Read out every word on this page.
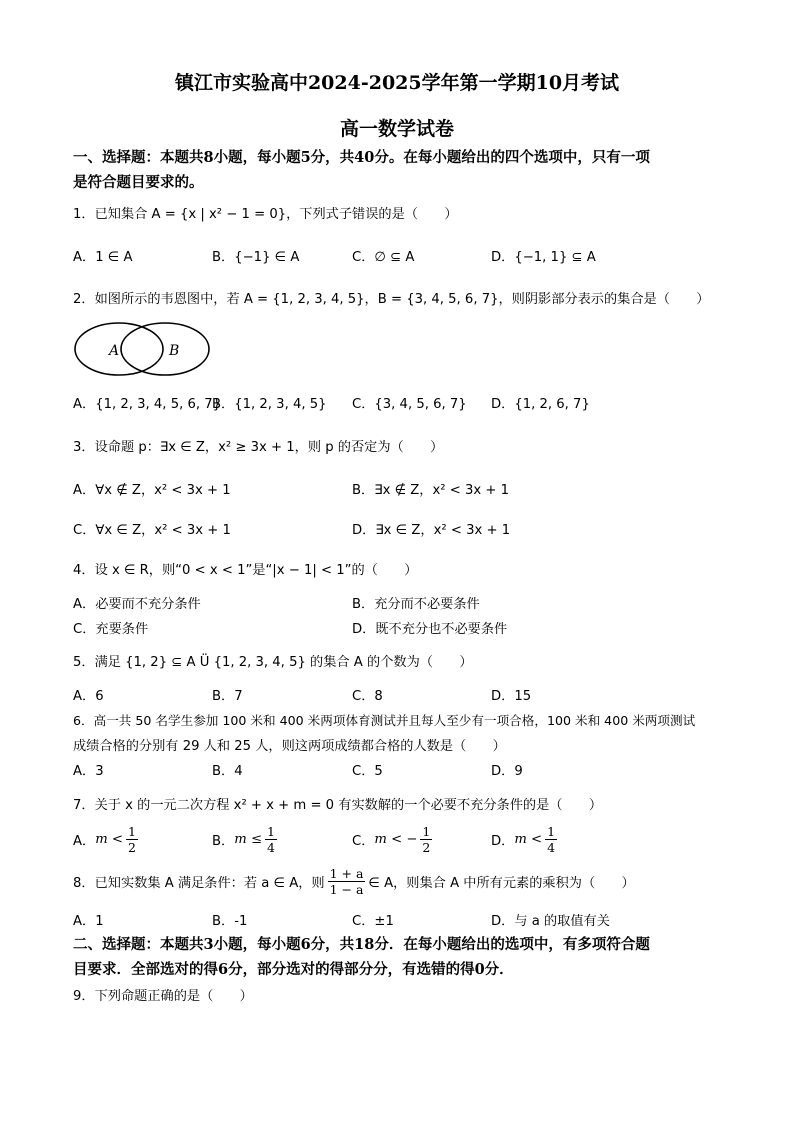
镇江市实验高中2024-2025学年第一学期10月考试
高一数学试卷
一、选择题：本题共8小题，每小题5分，共40分。在每小题给出的四个选项中，只有一项
是符合题目要求的。
1．已知集合 A = {x | x² − 1 = 0}，下列式子错误的是（　　）
A．1 ∈ A	B．{−1} ∈ A	C．∅ ⊆ A	D．{−1, 1} ⊆ A
2．如图所示的韦恩图中，若 A = {1, 2, 3, 4, 5}，B = {3, 4, 5, 6, 7}，则阴影部分表示的集合是（　　）
A	B
A．{1, 2, 3, 4, 5, 6, 7}
B．{1, 2, 3, 4, 5} C．{3, 4, 5, 6, 7} D．{1, 2, 6, 7}
3．设命题 p：∃x ∈ Z，x² ≥ 3x + 1，则 p 的否定为（　　）
A．∀x ∉ Z，x² < 3x + 1	B．∃x ∉ Z，x² < 3x + 1
C．∀x ∈ Z，x² < 3x + 1	D．∃x ∈ Z，x² < 3x + 1
4．设 x ∈ R，则“0 < x < 1”是“|x − 1| < 1”的（　　）
A．必要而不充分条件	B．充分而不必要条件
C．充要条件	D．既不充分也不必要条件
5．满足 {1, 2} ⊆ A Ü {1, 2, 3, 4, 5} 的集合 A 的个数为（　　）
A．6	B．7	C．8	D．15
6．高一共 50 名学生参加 100 米和 400 米两项体育测试并且每人至少有一项合格，100 米和 400 米两项测试
成绩合格的分别有 29 人和 25 人，则这两项成绩都合格的人数是（　　）
A．3	B．4	C．5	D．9
7．关于 x 的一元二次方程 x² + x + m = 0 有实数解的一个必要不充分条件的是（　　）
A． $m < \frac{1}{2}$	B． $m \le \frac{1}{4}$	C． m < − $\frac{1}{2}$	D． $m < \frac{1}{4}$
8．已知实数集 A 满足条件：若 a ∈ A，则 $\frac{1 + a}{1 - a}$ ∈ A，则集合 A 中所有元素的乘积为（　　）
A．1	B．-1	C．±1	D．与 a 的取值有关
二、选择题：本题共3小题，每小题6分，共18分．在每小题给出的选项中，有多项符合题
目要求．全部选对的得6分，部分选对的得部分分，有选错的得0分．
9．下列命题正确的是（　　）
